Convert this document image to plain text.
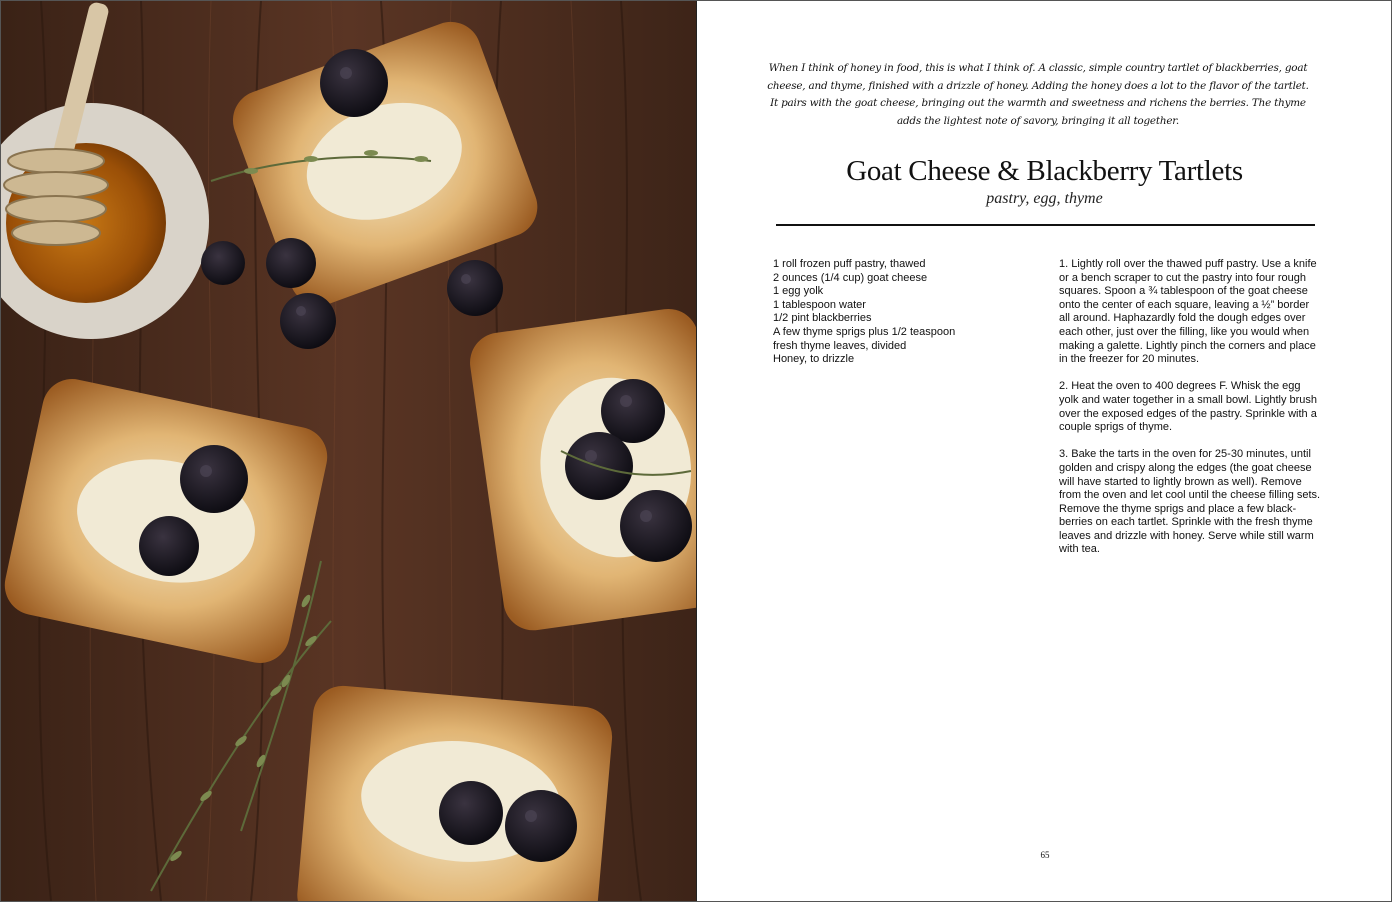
When I think of honey in food, this is what I think of. A classic, simple country tartlet of blackberries, goat cheese, and thyme, finished with a drizzle of honey. Adding the honey does a lot to the flavor of the tartlet. It pairs with the goat cheese, bringing out the warmth and sweetness and richens the berries. The thyme adds the lightest note of savory, bringing it all together.
Goat Cheese & Blackberry Tartlets
pastry, egg, thyme
1 roll frozen puff pastry, thawed
2 ounces (1/4 cup) goat cheese
1 egg yolk
1 tablespoon water
1/2 pint blackberries
A few thyme sprigs plus 1/2 teaspoon fresh thyme leaves, divided
Honey, to drizzle

1. Lightly roll over the thawed puff pastry. Use a knife or a bench scraper to cut the pastry into four rough squares. Spoon a ¾ tablespoon of the goat cheese onto the center of each square, leaving a ½” border all around. Haphazardly fold the dough edges over each other, just over the filling, like you would when making a galette. Lightly pinch the corners and place in the freezer for 20 minutes.

2. Heat the oven to 400 degrees F. Whisk the egg yolk and water together in a small bowl. Lightly brush over the exposed edges of the pastry. Sprinkle with a couple sprigs of thyme.

3. Bake the tarts in the oven for 25-30 minutes, until golden and crispy along the edges (the goat cheese will have started to lightly brown as well). Remove from the oven and let cool until the cheese filling sets. Remove the thyme sprigs and place a few black-berries on each tartlet. Sprinkle with the fresh thyme leaves and drizzle with honey. Serve while still warm with tea.

65
